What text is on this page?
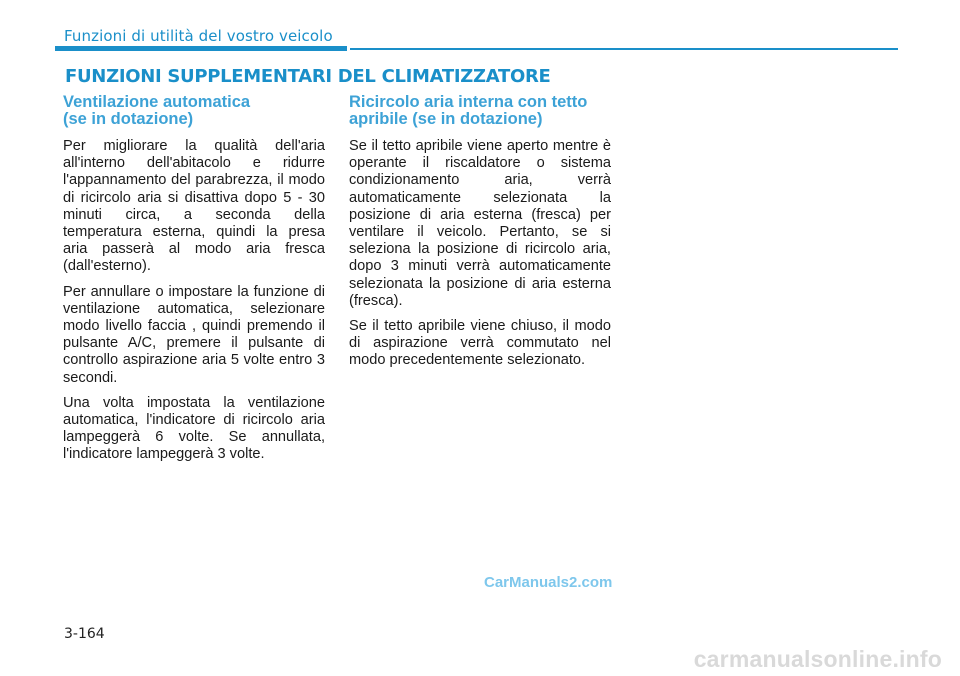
Funzioni di utilità del vostro veicolo
FUNZIONI SUPPLEMENTARI DEL CLIMATIZZATORE
Ventilazione automatica
(se in dotazione)

Per migliorare la qualità dell'aria all'interno dell'abitacolo e ridurre l'appannamento del parabrezza, il modo di ricircolo aria si disattiva dopo 5 - 30 minuti circa, a seconda della temperatura esterna, quindi la presa aria passerà al modo aria fresca (dall'esterno).

Per annullare o impostare la funzione di ventilazione automatica, selezionare modo livello faccia , quindi premendo il pulsante A/C, premere il pulsante di controllo aspirazione aria 5 volte entro 3 secondi.

Una volta impostata la ventilazione automatica, l'indicatore di ricircolo aria lampeggerà 6 volte. Se annullata, l'indicatore lampeggerà 3 volte.

Ricircolo aria interna con tetto
apribile (se in dotazione)

Se il tetto apribile viene aperto mentre è operante il riscaldatore o sistema condizionamento aria, verrà automaticamente selezionata la posizione di aria esterna (fresca) per ventilare il veicolo. Pertanto, se si seleziona la posizione di ricircolo aria, dopo 3 minuti verrà automaticamente selezionata la posizione di aria esterna (fresca).

Se il tetto apribile viene chiuso, il modo di aspirazione verrà commutato nel modo precedentemente selezionato.

CarManuals2.com
3-164
carmanualsonline.info
